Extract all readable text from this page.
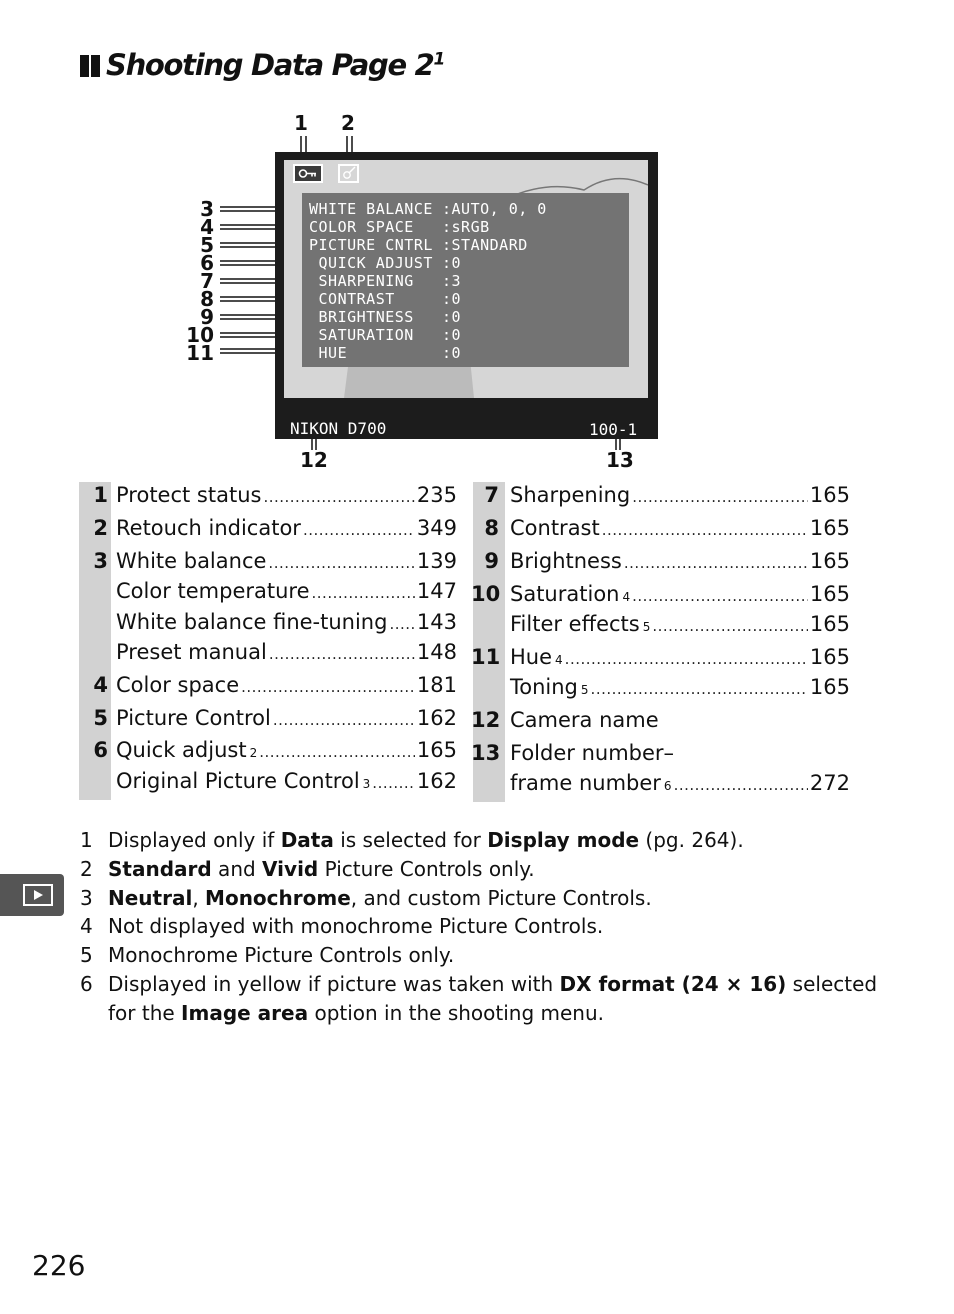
Shooting Data Page $2^1$
1 2
3
4
5
6
7
8
9
10
11
WHITE BALANCE :AUTO, 0, 0
COLOR SPACE :sRGB
PICTURE CNTRL :STANDARD
QUICK ADJUST :0
SHARPENING :3
CONTRAST	:0
BRIGHTNESS :0
SATURATION :0
HUE	:0
NIKON D700	100-1
12	13
1 Protect status .....	235
2 Retouch indicator .....	349
3 White balance .....	139
Color temperature .....	147
White balance fine-tuning ..... 143
Preset manual .....	148
4 Color space .....	181
5 Picture Control .....	162
6 Quick adjust 2 .....	165
Original Picture Control 3 ..... 162
7 Sharpening .....	165
8 Contrast .....	165
9 Brightness .....	165
10 Saturation 4 .....	165
Filter effects 5 .....	165
11 Hue 4 .....	165
Toning 5 .....	165
12 Camera name
13 Folder number–
frame number 6 .....	272
1 Displayed only if Data is selected for Display mode (pg. 264).
2 Standard and Vivid Picture Controls only.
3 Neutral, Monochrome, and custom Picture Controls.
4 Not displayed with monochrome Picture Controls.
5 Monochrome Picture Controls only.
6 Displayed in yellow if picture was taken with DX format (24 × 16) selected
for the Image area option in the shooting menu.
226
